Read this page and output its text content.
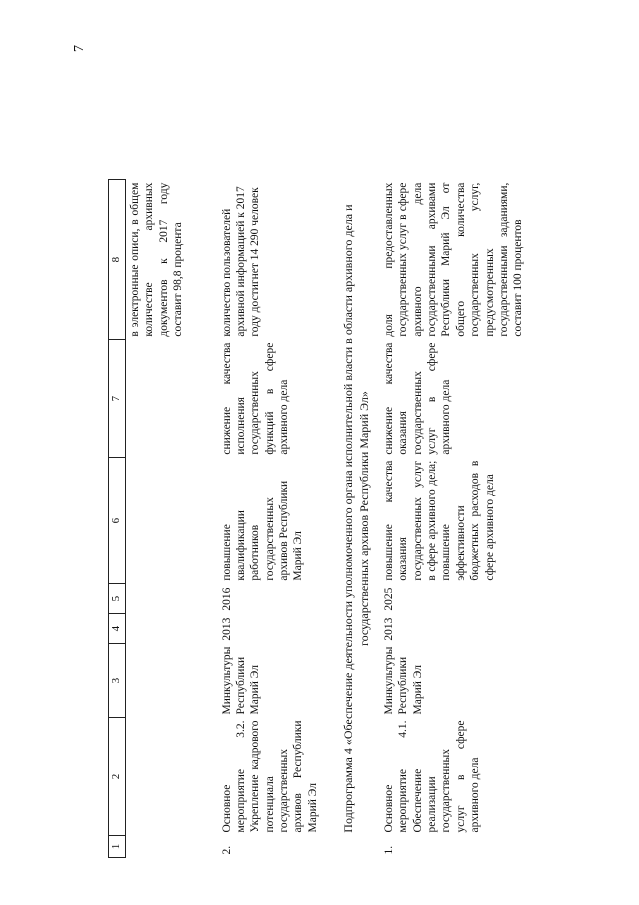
7
1	2	3	4	5	6	7	8
							в электронные описи, в общем количестве архивных документов к 2017 году составит 98,8 процента
2.	Основное мероприятие 3.2. Укрепление кадрового потенциала государственных архивов Республики Марий Эл	Минкультуры Республики Марий Эл	2013	2016	повышение квалификации работников государственных архивов Республики Марий Эл	снижение качества исполнения государственных функций в сфере архивного дела	количество пользователей архивной информацией к 2017 году достигнет 14 290 человек
Подпрограмма 4 «Обеспечение деятельности уполномоченного органа исполнительной власти в области архивного дела и государственных архивов Республики Марий Эл»							
1.	Основное мероприятие 4.1. Обеспечение реализации государственных услуг в сфере архивного дела	Минкультуры Республики Марий Эл	2013	2025	повышение качества оказания государственных услуг в сфере архивного дела; повышение эффективности бюджетных расходов в сфере архивного дела	снижение качества оказания государственных услуг в сфере архивного дела	доля предоставленных государственных услуг в сфере архивного дела государственными архивами Республики Марий Эл от общего количества государственных услуг, предусмотренных государственными заданиями, составит 100 процентов
